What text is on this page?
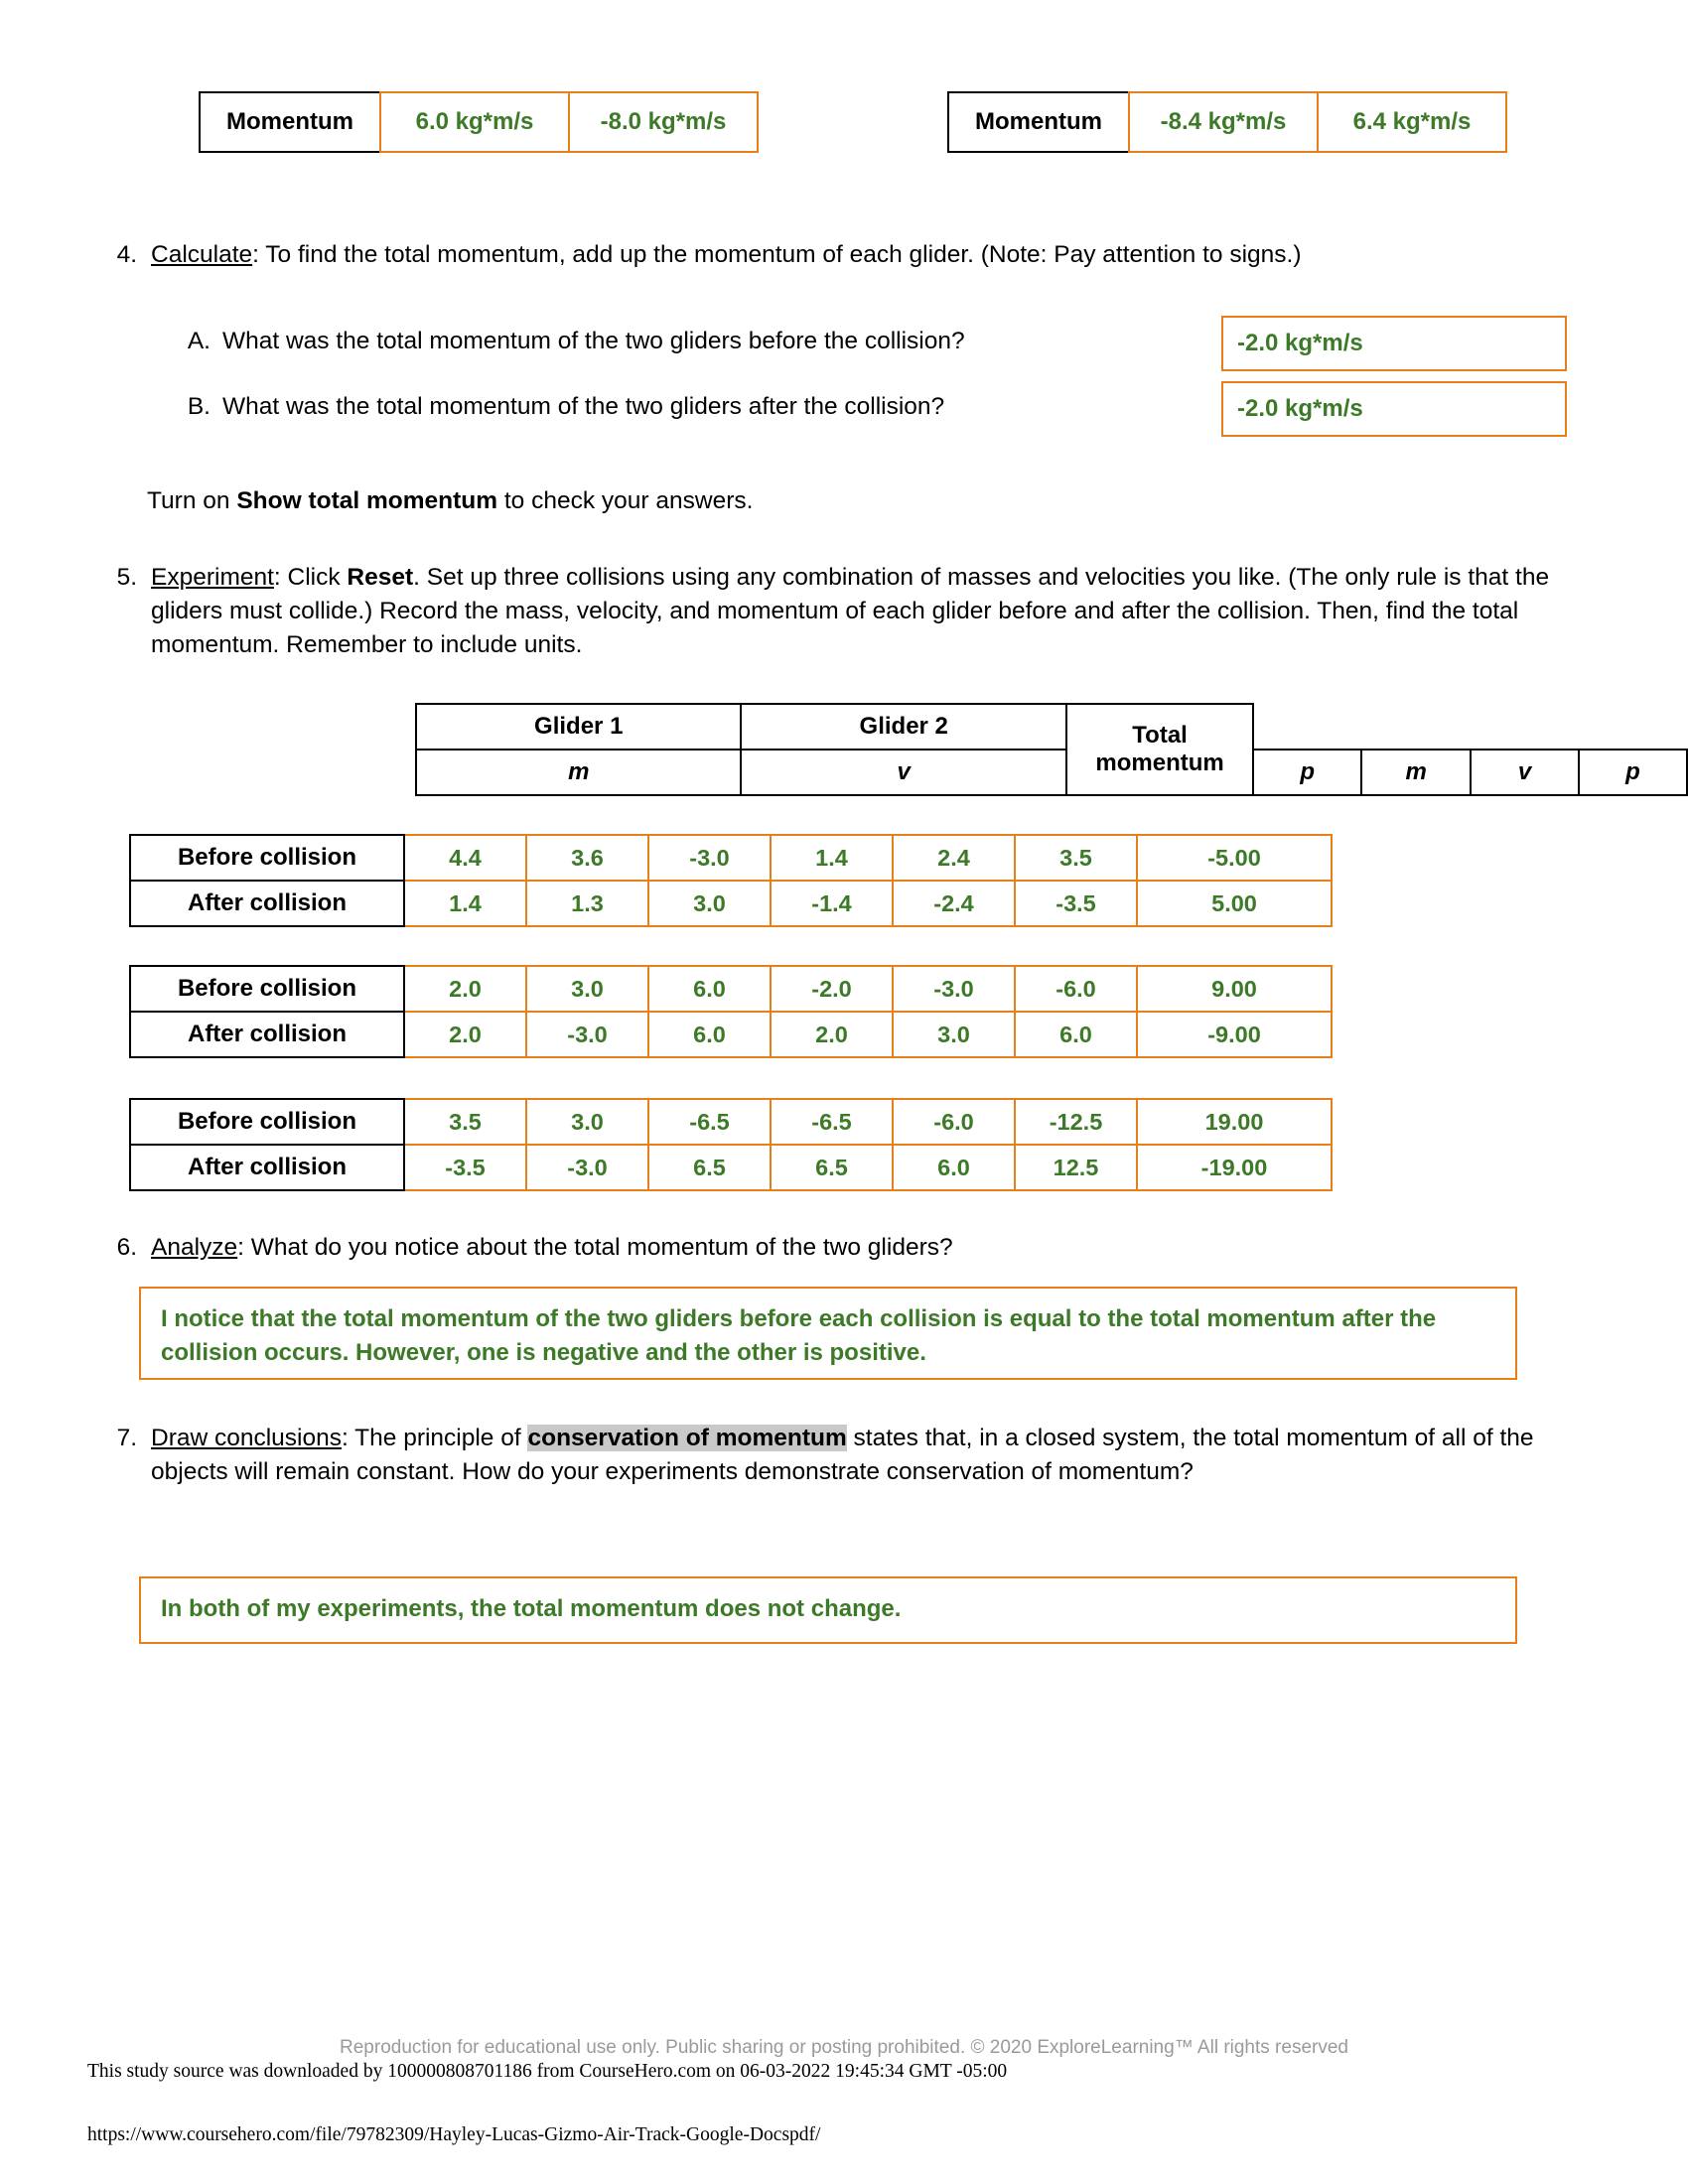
Momentum	6.0 kg*m/s	-8.0 kg*m/s	Momentum	-8.4 kg*m/s	6.4 kg*m/s
4. Calculate: To find the total momentum, add up the momentum of each glider. (Note: Pay attention to signs.)
A. What was the total momentum of the two gliders before the collision?	-2.0 kg*m/s
B. What was the total momentum of the two gliders after the collision?	-2.0 kg*m/s
Turn on Show total momentum to check your answers.
5. Experiment: Click Reset. Set up three collisions using any combination of masses and velocities you like. (The only rule is that the gliders must collide.) Record the mass, velocity, and momentum of each glider before and after the collision. Then, find the total momentum. Remember to include units.
Glider 1	Glider 2	Total momentum				
m	v		p	m	v	p
Before collision	4.4	3.6	-3.0	1.4	2.4	3.5	-5.00
After collision	1.4	1.3	3.0	-1.4	-2.4	-3.5	5.00
Before collision	2.0	3.0	6.0	-2.0	-3.0	-6.0	9.00
After collision	2.0	-3.0	6.0	2.0	3.0	6.0	-9.00
Before collision	3.5	3.0	-6.5	-6.5	-6.0	-12.5	19.00
After collision	-3.5	-3.0	6.5	6.5	6.0	12.5	-19.00
6. Analyze: What do you notice about the total momentum of the two gliders?
I notice that the total momentum of the two gliders before each collision is equal to the total momentum after the collision occurs. However, one is negative and the other is positive.
7. Draw conclusions: The principle of conservation of momentum states that, in a closed system, the total momentum of all of the objects will remain constant. How do your experiments demonstrate conservation of momentum?
In both of my experiments, the total momentum does not change.
Reproduction for educational use only. Public sharing or posting prohibited. © 2020 ExploreLearning™ All rights reserved
This study source was downloaded by 100000808701186 from CourseHero.com on 06-03-2022 19:45:34 GMT -05:00
https://www.coursehero.com/file/79782309/Hayley-Lucas-Gizmo-Air-Track-Google-Docspdf/
